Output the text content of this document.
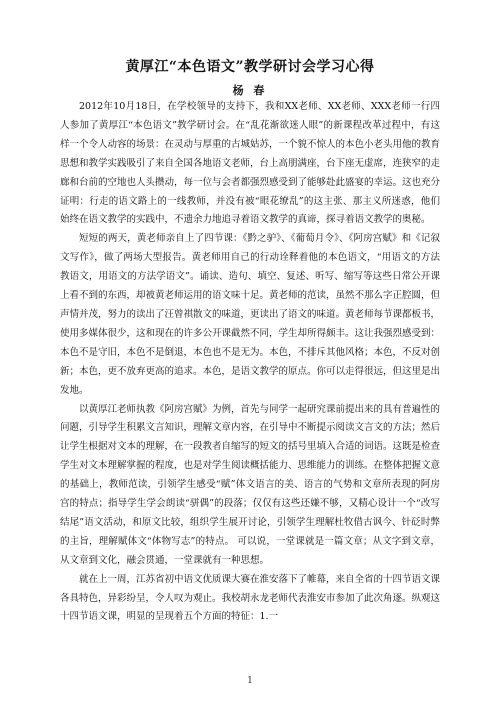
黄厚江“本色语文”教学研讨会学习心得
杨 春

2012年10月18日，在学校领导的支持下，我和XX老师、XX老师、XXX老师一行四人参加了黄厚江“本色语文”教学研讨会。在“乱花渐欲迷人眼”的新课程改革过程中，有这样一个令人动容的场景：在灵动与厚重的古城姑苏，一个貌不惊人的本色小老头用他的教育思想和教学实践吸引了来自全国各地语文老师，台上高朋满座，台下座无虚席，连狭窄的走廊和台前的空地也人头攒动，每一位与会者都强烈感受到了能够赴此盛宴的幸运。这也充分证明：行走的语文路上的一线教师，并没有被“眼花缭乱”的这主张、那主义所迷惑，他们始终在语文教学的实践中，不遗余力地追寻着语文教学的真谛，探寻着语文教学的奥秘。

短短的两天，黄老师亲自上了四节课：《黔之驴》、《葡萄月令》、《阿房宫赋》和《记叙文写作》，做了两场大型报告。黄老师用自己的行动诠释着他的本色语文，“用语文的方法教语文，用语文的方法学语文”。诵读、造句、填空、复述、听写、缩写等这些日常公开课上看不到的东西，却被黄老师运用的语文味十足。黄老师的范读，虽然不那么字正腔圆，但声情并茂，努力的读出了汪曾祺散文的味道，更读出了语文的味道。黄老师每节课都板书，使用多媒体很少，这和现在的许多公开课截然不同，学生却所得颇丰。这让我强烈感受到：本色不是守旧，本色不是倒退，本色也不是无为。本色，不排斥其他风格；本色，不反对创新；本色，更不放弃更高的追求。本色，是语文教学的原点。你可以走得很远，但这里是出发地。

以黄厚江老师执教《阿房宫赋》为例，首先与同学一起研究课前提出来的具有普遍性的问题，引导学生积累文言知识，理解文章内容，在引导中不断提示阅读文言文的方法；然后让学生根据对文本的理解，在一段教者自缩写的短文的括号里填入合适的词语。这既是检查学生对文本理解掌握的程度，也是对学生阅读概括能力、思维能力的训练。在整体把握文意的基础上，教师范读，引领学生感受“赋”体文语言的美、语言的气势和文章所表现的阿房宫的特点；指导学生学会朗读“骈偶”的段落；仅仅有这些还嫌不够，又精心设计一个“改写结尾”语文活动，和原文比较，组织学生展开讨论，引领学生理解杜牧借古讽今、针砭时弊的主旨，理解赋体文“体物写志”的特点。 可以说，一堂课就是一篇文章；从文字到文章，从文章到文化，融会贯通，一堂课就有一种思想。

就在上一周，江苏省初中语文优质课大赛在淮安落下了帷幕，来自全省的十四节语文课各具特色，异彩纷呈，令人叹为观止。我校胡永龙老师代表淮安市参加了此次角逐。纵观这十四节语文课，明显的呈现着五个方面的特征：1.一

1
